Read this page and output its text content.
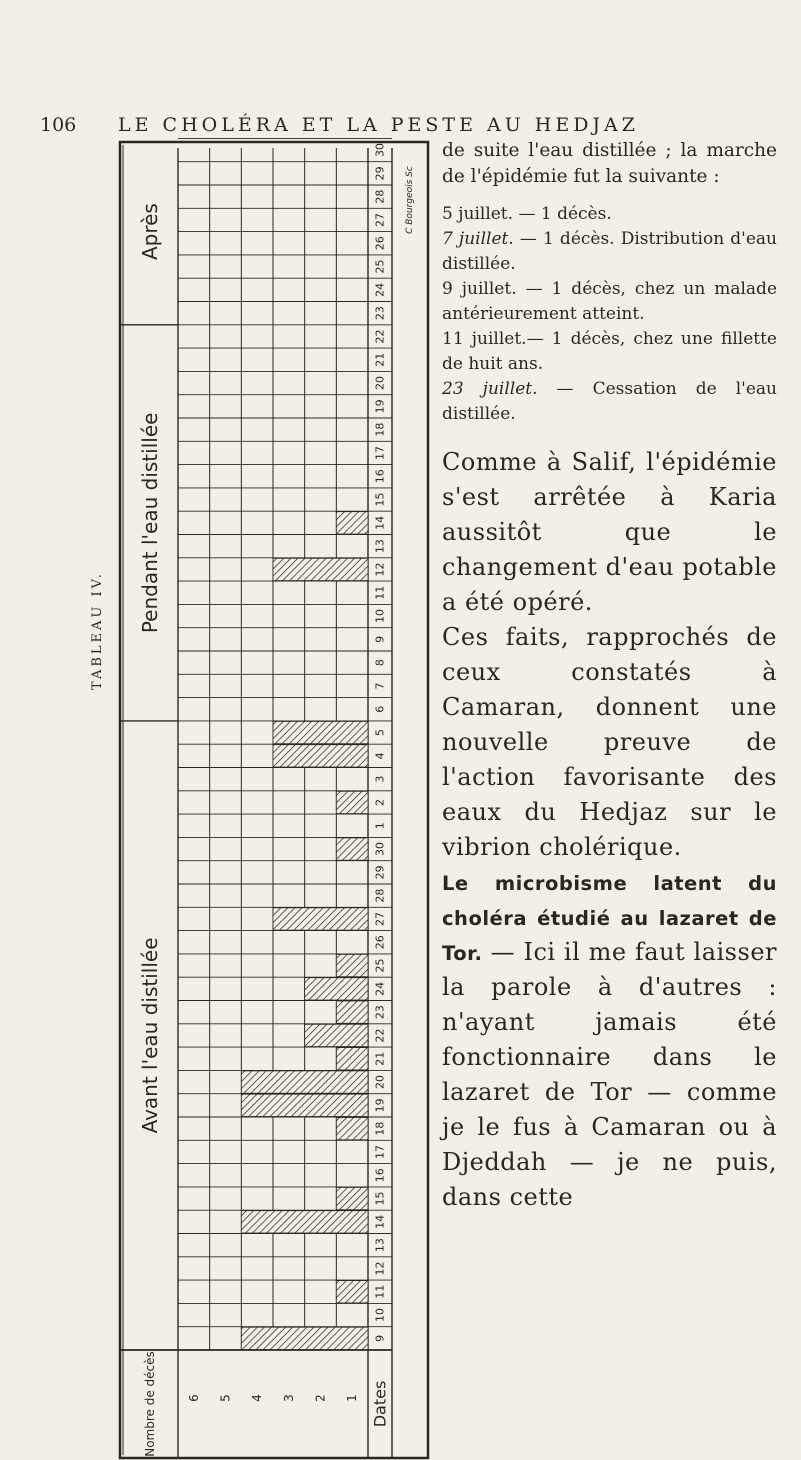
106 LE CHOLÉRA ET LA PESTE AU HEDJAZ
TABLEAU IV.
9
10
11
12
13
14
15
16
17
18
19
20
21
22
23
24
25
26
27
28
29
30
1
2
3
4
5
6
7
8
9
10
11
12
13
14
15
16
17
18
19
20
21
22
23
24
25
26
27
28
29
30
Avant l'eau distillée
Pendant l'eau distillée
Après
Nombre de décès	Dates
6 5 4 3 2 1
C Bourgeois Sc

de suite l'eau distillée ; la marche de l'épidémie fut la suivante :

5 juillet. — 1 décès.

7 juillet. — 1 décès. Distribution d'eau distillée.

9 juillet. — 1 décès, chez un malade antérieurement atteint.

11 juillet.— 1 décès, chez une fillette de huit ans.

23 juillet. — Cessation de l'eau distillée.

Comme à Salif, l'épidémie s'est arrêtée à Karia aussitôt que le changement d'eau potable a été opéré.

Ces faits, rapprochés de ceux constatés à Camaran, donnent une nouvelle preuve de l'action favorisante des eaux du Hedjaz sur le vibrion cholérique.

Le microbisme latent du choléra étudié au lazaret de Tor. — Ici il me faut laisser la parole à d'autres : n'ayant jamais été fonctionnaire dans le lazaret de Tor — comme je le fus à Camaran ou à Djeddah — je ne puis, dans cette
